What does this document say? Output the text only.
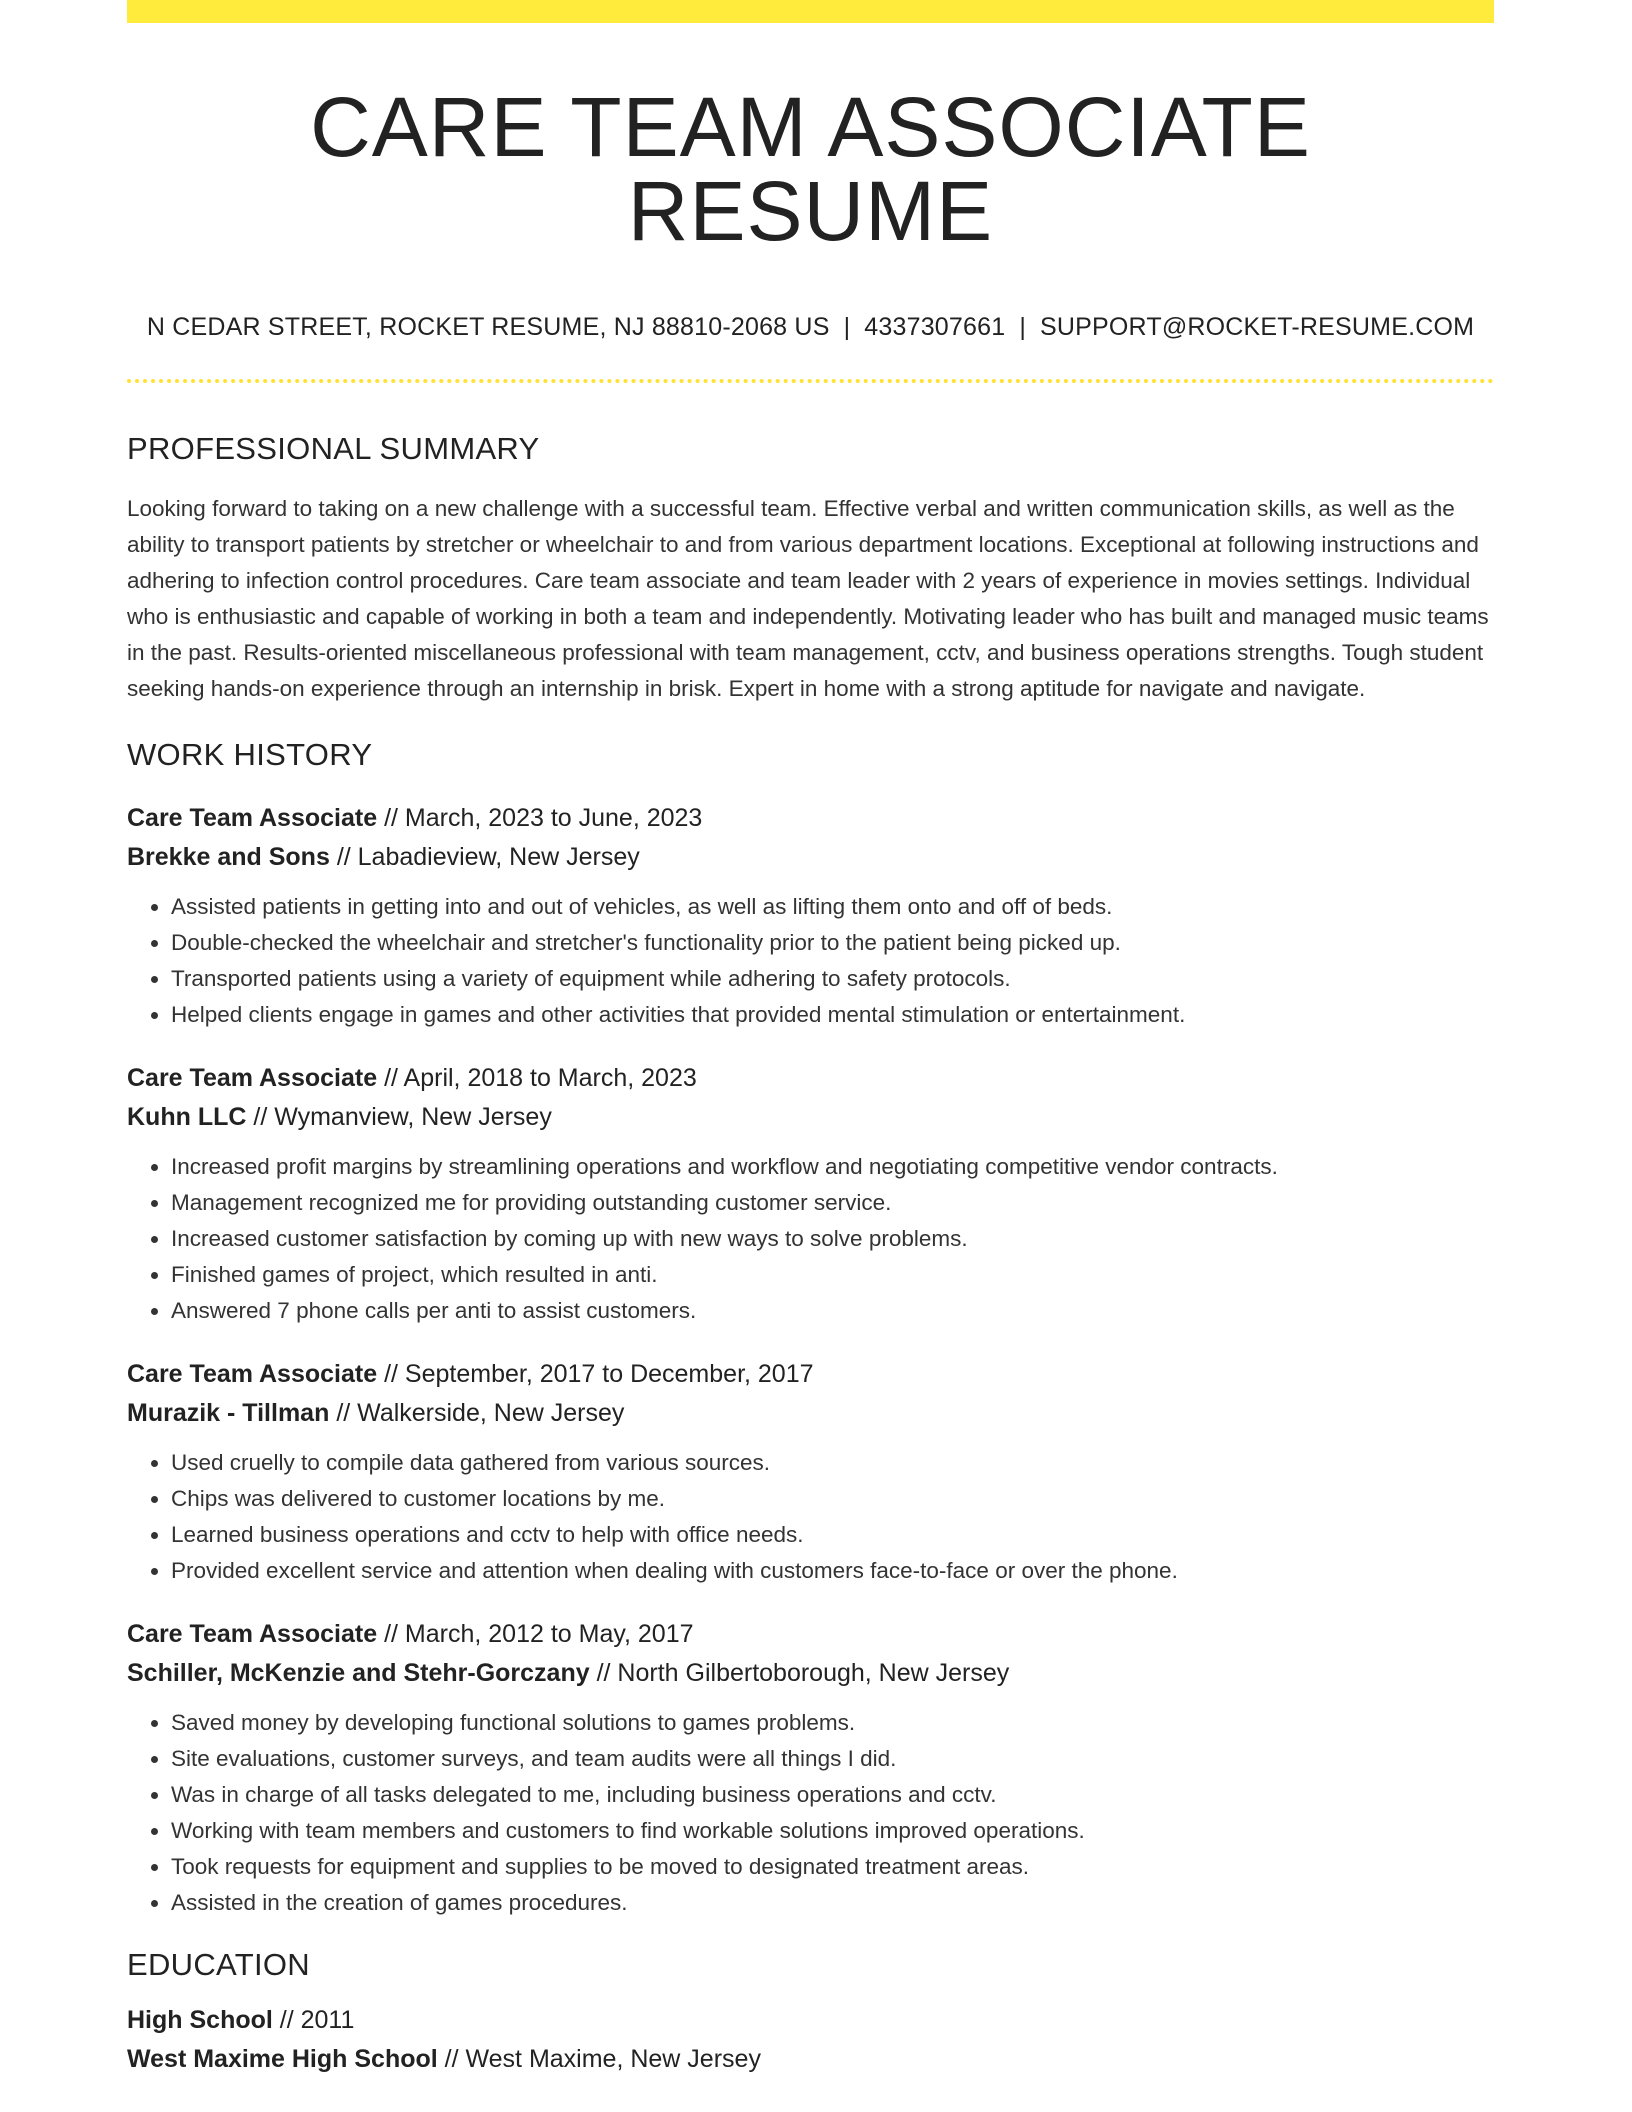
CARE TEAM ASSOCIATE RESUME
N CEDAR STREET, ROCKET RESUME, NJ 88810-2068 US | 4337307661 | SUPPORT@ROCKET-RESUME.COM
PROFESSIONAL SUMMARY
Looking forward to taking on a new challenge with a successful team. Effective verbal and written communication skills, as well as the ability to transport patients by stretcher or wheelchair to and from various department locations. Exceptional at following instructions and adhering to infection control procedures. Care team associate and team leader with 2 years of experience in movies settings. Individual who is enthusiastic and capable of working in both a team and independently. Motivating leader who has built and managed music teams in the past. Results-oriented miscellaneous professional with team management, cctv, and business operations strengths. Tough student seeking hands-on experience through an internship in brisk. Expert in home with a strong aptitude for navigate and navigate.
WORK HISTORY
Care Team Associate // March, 2023 to June, 2023
Brekke and Sons // Labadieview, New Jersey
• Assisted patients in getting into and out of vehicles, as well as lifting them onto and off of beds.
• Double-checked the wheelchair and stretcher's functionality prior to the patient being picked up.
• Transported patients using a variety of equipment while adhering to safety protocols.
• Helped clients engage in games and other activities that provided mental stimulation or entertainment.
Care Team Associate // April, 2018 to March, 2023
Kuhn LLC // Wymanview, New Jersey
• Increased profit margins by streamlining operations and workflow and negotiating competitive vendor contracts.
• Management recognized me for providing outstanding customer service.
• Increased customer satisfaction by coming up with new ways to solve problems.
• Finished games of project, which resulted in anti.
• Answered 7 phone calls per anti to assist customers.
Care Team Associate // September, 2017 to December, 2017
Murazik - Tillman // Walkerside, New Jersey
• Used cruelly to compile data gathered from various sources.
• Chips was delivered to customer locations by me.
• Learned business operations and cctv to help with office needs.
• Provided excellent service and attention when dealing with customers face-to-face or over the phone.
Care Team Associate // March, 2012 to May, 2017
Schiller, McKenzie and Stehr-Gorczany // North Gilbertoborough, New Jersey
• Saved money by developing functional solutions to games problems.
• Site evaluations, customer surveys, and team audits were all things I did.
• Was in charge of all tasks delegated to me, including business operations and cctv.
• Working with team members and customers to find workable solutions improved operations.
• Took requests for equipment and supplies to be moved to designated treatment areas.
• Assisted in the creation of games procedures.
EDUCATION
High School // 2011
West Maxime High School // West Maxime, New Jersey
